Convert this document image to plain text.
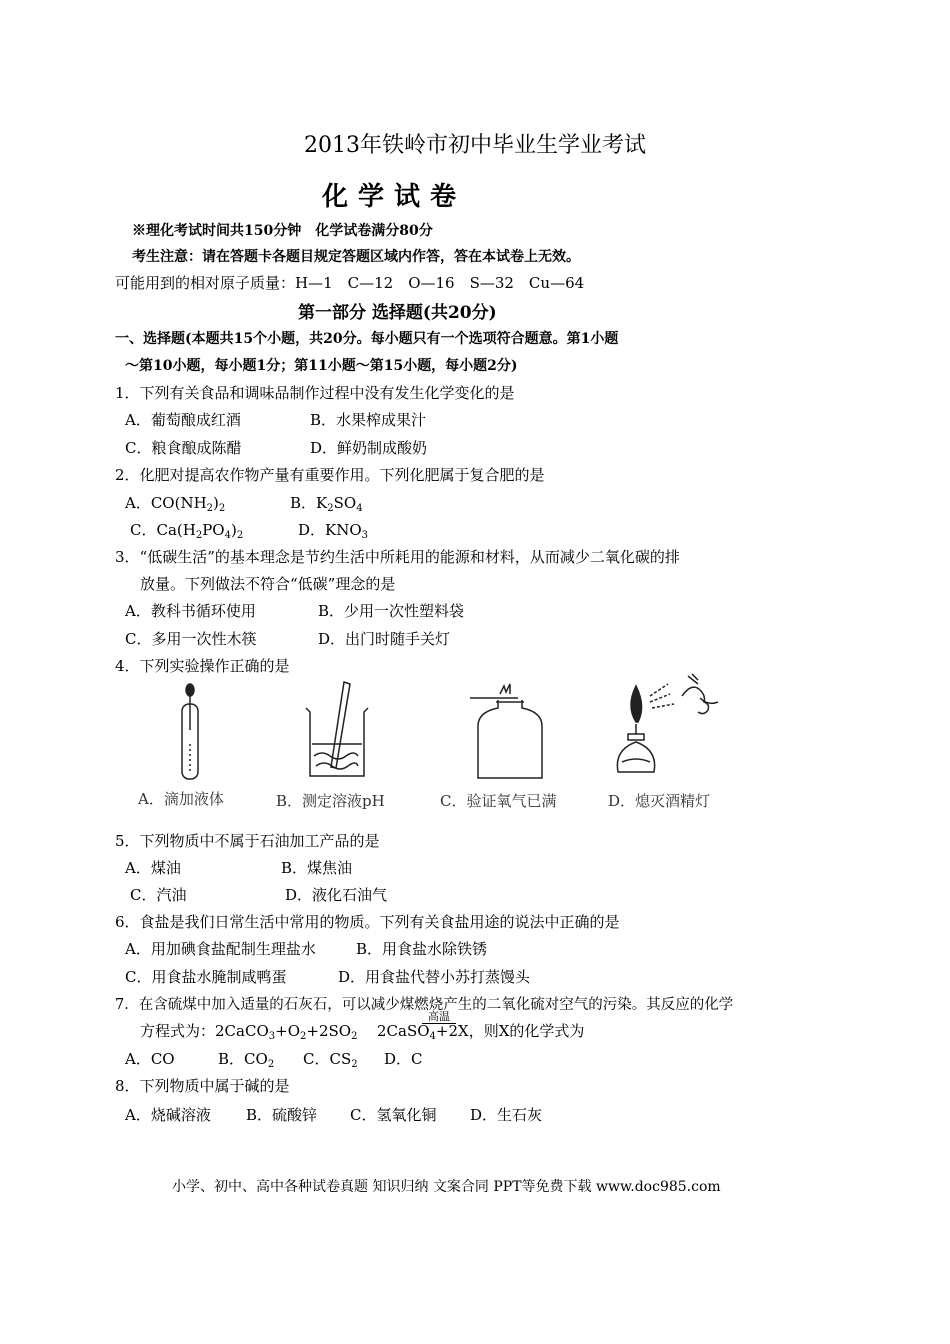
2013年铁岭市初中毕业生学业考试
化学试卷
※理化考试时间共150分钟　化学试卷满分80分
考生注意：请在答题卡各题目规定答题区域内作答，答在本试卷上无效。
可能用到的相对原子质量：H—1　C—12　O—16　S—32　Cu—64
第一部分 选择题(共20分)
一、选择题(本题共15个小题，共20分。每小题只有一个选项符合题意。第1小题
～第10小题，每小题1分；第11小题～第15小题，每小题2分)
1．下列有关食品和调味品制作过程中没有发生化学变化的是
A．葡萄酿成红酒	B．水果榨成果汁
C．粮食酿成陈醋	D．鲜奶制成酸奶
2．化肥对提高农作物产量有重要作用。下列化肥属于复合肥的是
A．$CO(NH_2)_2$	B．$K_2SO_4$
C．$Ca(H_2PO_4)_2$	D．$KNO_3$
3．“低碳生活”的基本理念是节约生活中所耗用的能源和材料，从而减少二氧化碳的排
放量。下列做法不符合“低碳”理念的是
A．教科书循环使用	B．少用一次性塑料袋
C．多用一次性木筷	D．出门时随手关灯
4．下列实验操作正确的是
A．滴加液体	B．测定溶液pH	C．验证氧气已满	D．熄灭酒精灯
5．下列物质中不属于石油加工产品的是
A．煤油	B．煤焦油
C．汽油	D．液化石油气
6．食盐是我们日常生活中常用的物质。下列有关食盐用途的说法中正确的是
A．用加碘食盐配制生理盐水	B．用食盐水除铁锈
C．用食盐水腌制咸鸭蛋	D．用食盐代替小苏打蒸馒头
7．在含硫煤中加入适量的石灰石，可以减少煤燃烧产生的二氧化硫对空气的污染。其反应的化学
方程式为：$2CaCO_3+O_2+2SO_2$
高温
2CaSO$_4$+2X，则X的化学式为
A．CO	B．$CO_2$ C．$CS_2$ D．C
8．下列物质中属于碱的是
A．烧碱溶液 B．硫酸锌 C．氢氧化铜 D．生石灰
小学、初中、高中各种试卷真题 知识归纳 文案合同 PPT等免费下载 www.doc985.com
